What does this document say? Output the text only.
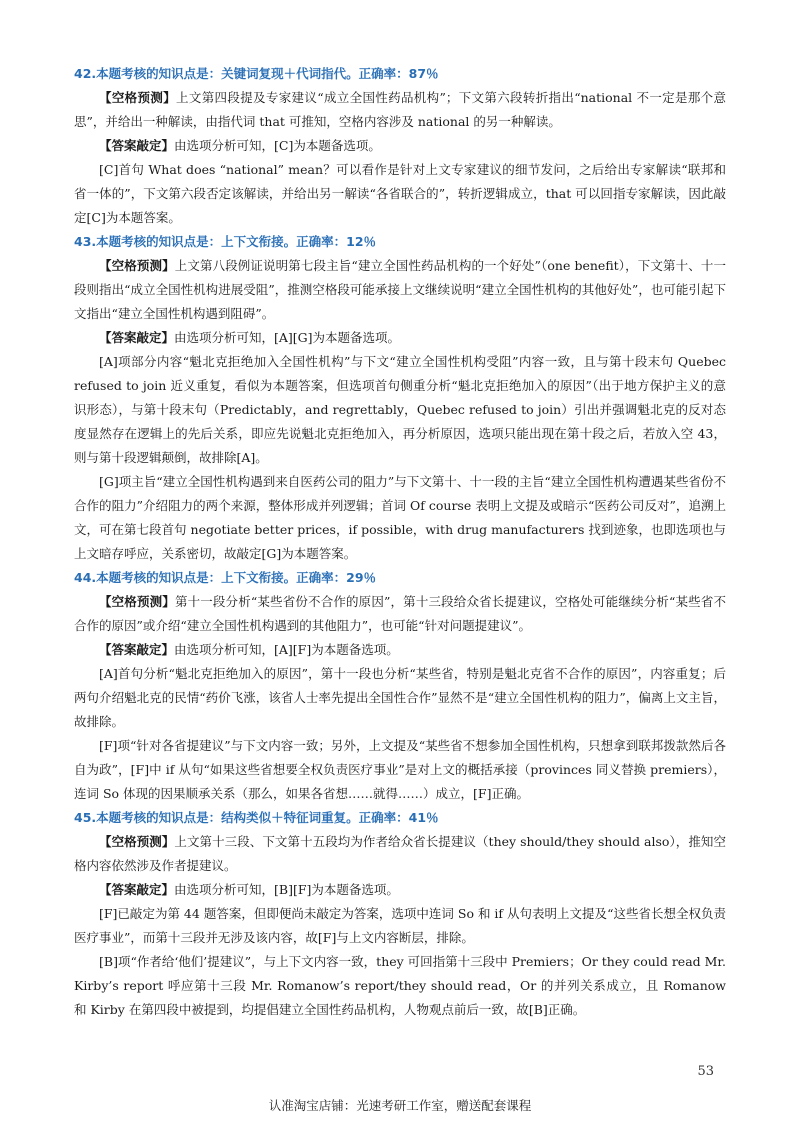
42.本题考核的知识点是：关键词复现＋代词指代。正确率：87％

【空格预测】上文第四段提及专家建议“成立全国性药品机构”；下文第六段转折指出“national 不一定是那个意思”，并给出一种解读，由指代词 that 可推知，空格内容涉及 national 的另一种解读。

【答案敲定】由选项分析可知，[C]为本题备选项。

[C]首句 What does “national” mean？可以看作是针对上文专家建议的细节发问，之后给出专家解读“联邦和省一体的”，下文第六段否定该解读，并给出另一解读“各省联合的”，转折逻辑成立，that 可以回指专家解读，因此敲定[C]为本题答案。

43.本题考核的知识点是：上下文衔接。正确率：12％

【空格预测】上文第八段例证说明第七段主旨“建立全国性药品机构的一个好处”（one benefit），下文第十、十一段则指出“成立全国性机构进展受阻”，推测空格段可能承接上文继续说明“建立全国性机构的其他好处”，也可能引起下文指出“建立全国性机构遇到阻碍”。

【答案敲定】由选项分析可知，[A][G]为本题备选项。

[A]项部分内容“魁北克拒绝加入全国性机构”与下文“建立全国性机构受阻”内容一致，且与第十段末句 Quebec refused to join 近义重复，看似为本题答案，但选项首句侧重分析“魁北克拒绝加入的原因”（出于地方保护主义的意识形态），与第十段末句（Predictably，and regrettably，Quebec refused to join）引出并强调魁北克的反对态度显然存在逻辑上的先后关系，即应先说魁北克拒绝加入，再分析原因，选项只能出现在第十段之后，若放入空 43，则与第十段逻辑颠倒，故排除[A]。

[G]项主旨“建立全国性机构遇到来自医药公司的阻力”与下文第十、十一段的主旨“建立全国性机构遭遇某些省份不合作的阻力”介绍阻力的两个来源，整体形成并列逻辑；首词 Of course 表明上文提及或暗示“医药公司反对”，追溯上文，可在第七段首句 negotiate better prices，if possible，with drug manufacturers 找到迹象，也即选项也与上文暗存呼应，关系密切，故敲定[G]为本题答案。

44.本题考核的知识点是：上下文衔接。正确率：29％

【空格预测】第十一段分析“某些省份不合作的原因”，第十三段给众省长提建议，空格处可能继续分析“某些省不合作的原因”或介绍“建立全国性机构遇到的其他阻力”，也可能“针对问题提建议”。

【答案敲定】由选项分析可知，[A][F]为本题备选项。

[A]首句分析“魁北克拒绝加入的原因”，第十一段也分析“某些省，特别是魁北克省不合作的原因”，内容重复；后两句介绍魁北克的民情“药价飞涨，该省人士率先提出全国性合作”显然不是“建立全国性机构的阻力”，偏离上文主旨，故排除。

[F]项“针对各省提建议”与下文内容一致；另外，上文提及“某些省不想参加全国性机构，只想拿到联邦拨款然后各自为政”，[F]中 if 从句“如果这些省想要全权负责医疗事业”是对上文的概括承接（provinces 同义替换 premiers），连词 So 体现的因果顺承关系（那么，如果各省想……就得……）成立，[F]正确。

45.本题考核的知识点是：结构类似＋特征词重复。正确率：41％

【空格预测】上文第十三段、下文第十五段均为作者给众省长提建议（they should/they should also），推知空格内容依然涉及作者提建议。

【答案敲定】由选项分析可知，[B][F]为本题备选项。

[F]已敲定为第 44 题答案，但即便尚未敲定为答案，选项中连词 So 和 if 从句表明上文提及“这些省长想全权负责医疗事业”，而第十三段并无涉及该内容，故[F]与上文内容断层，排除。

[B]项“作者给‘他们’提建议”，与上下文内容一致，they 可回指第十三段中 Premiers；Or they could read Mr. Kirby’s report 呼应第十三段 Mr. Romanow’s report/they should read，Or 的并列关系成立，且 Romanow 和 Kirby 在第四段中被提到，均提倡建立全国性药品机构，人物观点前后一致，故[B]正确。

53
认准淘宝店铺：光速考研工作室，赠送配套课程
